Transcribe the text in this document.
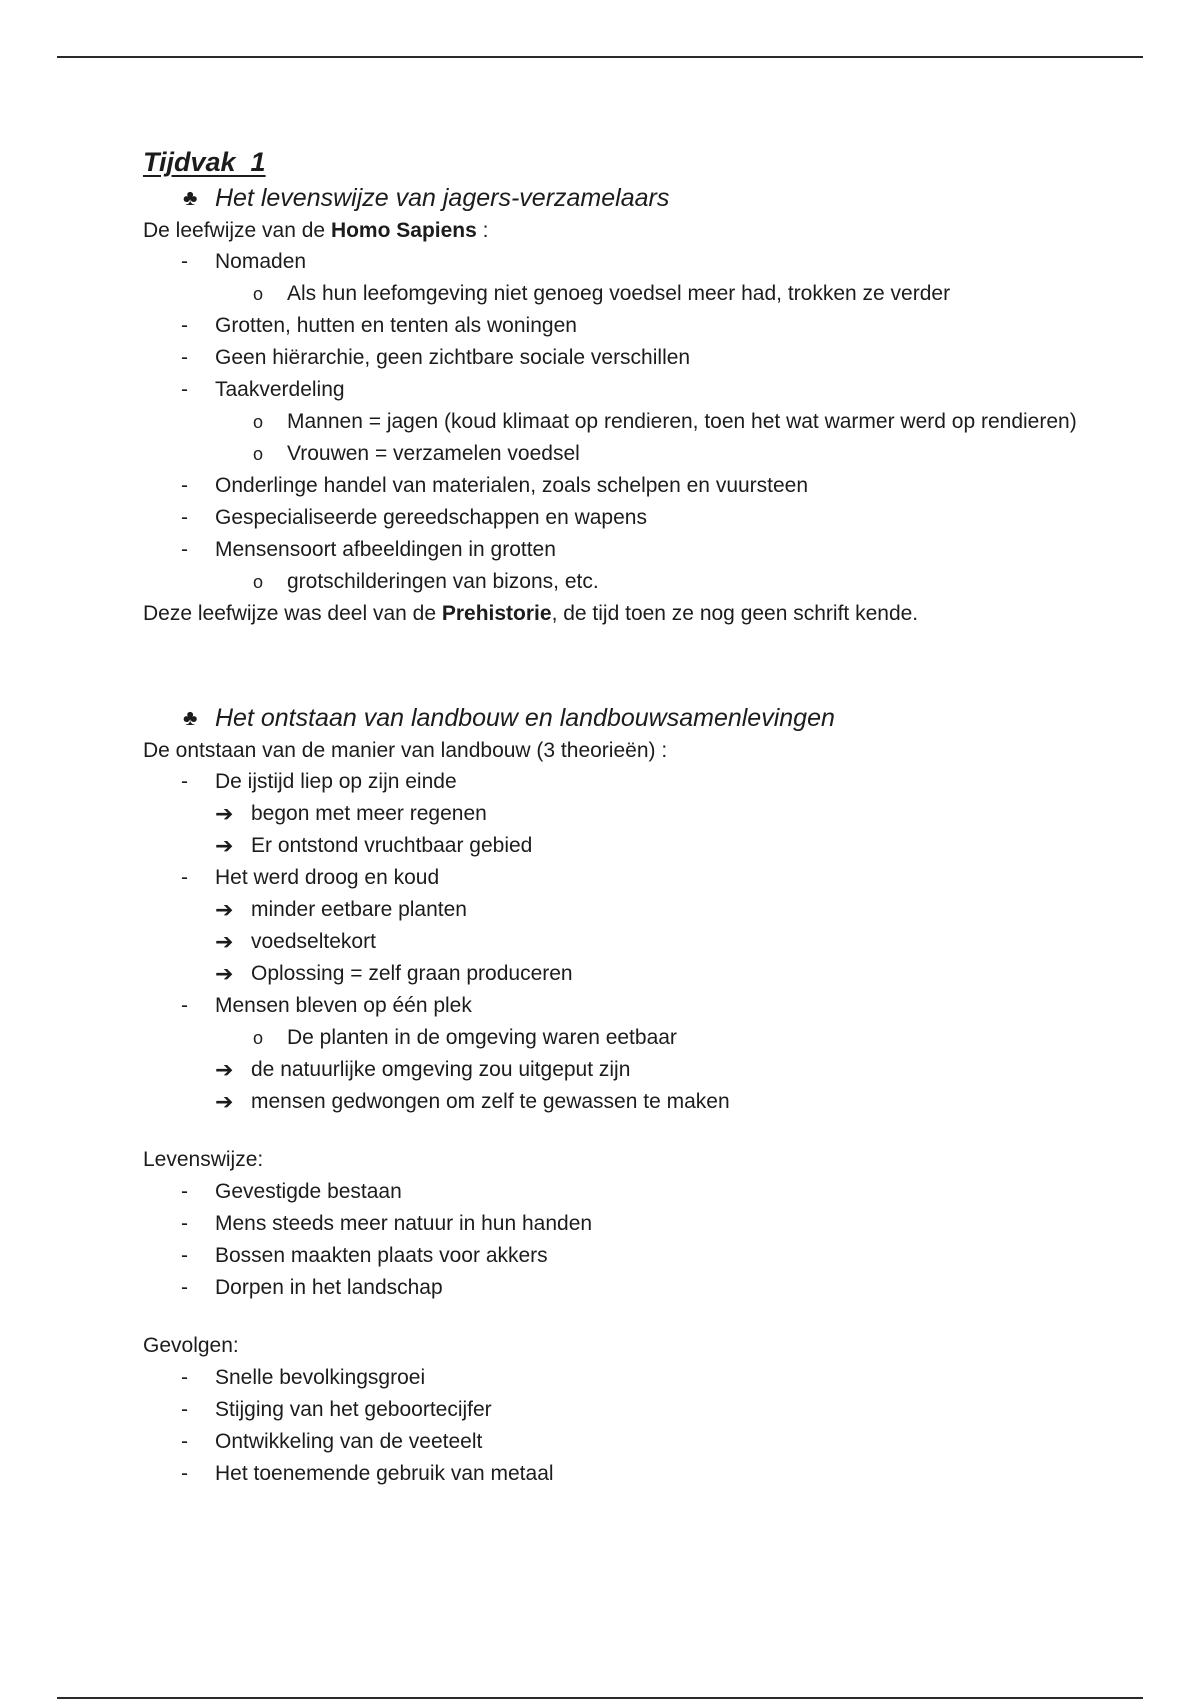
Tijdvak  1
♣ Het levenswijze van jagers-verzamelaars
De leefwijze van de Homo Sapiens :
-	Nomaden
o	Als hun leefomgeving niet genoeg voedsel meer had, trokken ze verder
-	Grotten, hutten en tenten als woningen
-	Geen hiërarchie, geen zichtbare sociale verschillen
-	Taakverdeling
o	Mannen = jagen (koud klimaat op rendieren, toen het wat warmer werd op rendieren)
o	Vrouwen = verzamelen voedsel
-	Onderlinge handel van materialen, zoals schelpen en vuursteen
-	Gespecialiseerde gereedschappen en wapens
-	Mensensoort afbeeldingen in grotten
o	grotschilderingen van bizons, etc.
Deze leefwijze was deel van de Prehistorie, de tijd toen ze nog geen schrift kende.
♣ Het ontstaan van landbouw en landbouwsamenlevingen
De ontstaan van de manier van landbouw (3 theorieën) :
-	De ijstijd liep op zijn einde
➔ begon met meer regenen
➔ Er ontstond vruchtbaar gebied
-	Het werd droog en koud
➔ minder eetbare planten
➔ voedseltekort
➔ Oplossing = zelf graan produceren
-	Mensen bleven op één plek
o	De planten in de omgeving waren eetbaar
➔ de natuurlijke omgeving zou uitgeput zijn
➔ mensen gedwongen om zelf te gewassen te maken
Levenswijze:
-	Gevestigde bestaan
-	Mens steeds meer natuur in hun handen
-	Bossen maakten plaats voor akkers
-	Dorpen in het landschap
Gevolgen:
-	Snelle bevolkingsgroei
-	Stijging van het geboortecijfer
-	Ontwikkeling van de veeteelt
-	Het toenemende gebruik van metaal
